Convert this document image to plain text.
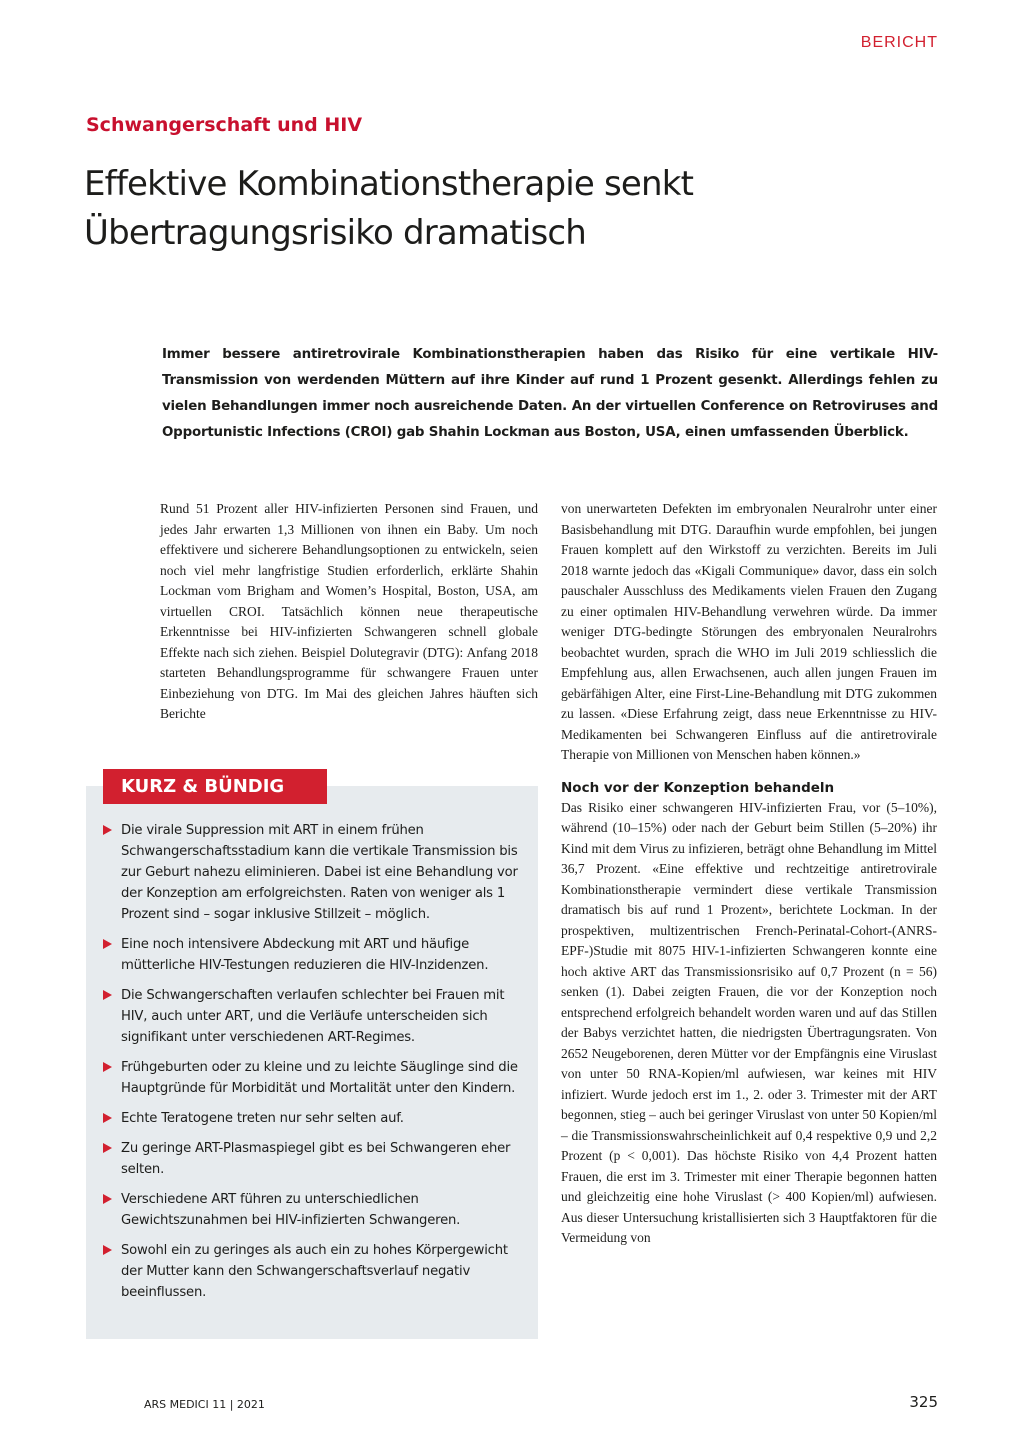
BERICHT
Schwangerschaft und HIV
Effektive Kombinationstherapie senkt
Übertragungsrisiko dramatisch
Immer bessere antiretrovirale Kombinationstherapien haben das Risiko für eine vertikale HIV-Transmission von werdenden Müttern auf ihre Kinder auf rund 1 Prozent gesenkt. Allerdings fehlen zu vielen Behandlungen immer noch ausreichende Daten. An der virtuellen Conference on Retroviruses and Opportunistic Infections (CROI) gab Shahin Lockman aus Boston, USA, einen umfassenden Überblick.

Rund 51 Prozent aller HIV-infizierten Personen sind Frauen, und jedes Jahr erwarten 1,3 Millionen von ihnen ein Baby. Um noch effektivere und sicherere Behandlungsoptionen zu entwickeln, seien noch viel mehr langfristige Studien erforderlich, erklärte Shahin Lockman vom Brigham and Women’s Hospital, Boston, USA, am virtuellen CROI. Tatsächlich können neue therapeutische Erkenntnisse bei HIV-infizierten Schwangeren schnell globale Effekte nach sich ziehen. Beispiel Dolutegravir (DTG): Anfang 2018 starteten Behandlungsprogramme für schwangere Frauen unter Einbeziehung von DTG. Im Mai des gleichen Jahres häuften sich Berichte

von unerwarteten Defekten im embryonalen Neuralrohr unter einer Basisbehandlung mit DTG. Daraufhin wurde empfohlen, bei jungen Frauen komplett auf den Wirkstoff zu verzichten. Bereits im Juli 2018 warnte jedoch das «Kigali Communique» davor, dass ein solch pauschaler Ausschluss des Medikaments vielen Frauen den Zugang zu einer optimalen HIV-Behandlung verwehren würde. Da immer weniger DTG-bedingte Störungen des embryonalen Neuralrohrs beobachtet wurden, sprach die WHO im Juli 2019 schliesslich die Empfehlung aus, allen Erwachsenen, auch allen jungen Frauen im gebärfähigen Alter, eine First-Line-Behandlung mit DTG zukommen zu lassen. «Diese Erfahrung zeigt, dass neue Erkenntnisse zu HIV-Medikamenten bei Schwangeren Einfluss auf die antiretrovirale Therapie von Millionen von Menschen haben können.»

Noch vor der Konzeption behandeln

Das Risiko einer schwangeren HIV-infizierten Frau, vor (5–10%), während (10–15%) oder nach der Geburt beim Stillen (5–20%) ihr Kind mit dem Virus zu infizieren, beträgt ohne Behandlung im Mittel 36,7 Prozent. «Eine effektive und rechtzeitige antiretrovirale Kombinationstherapie vermindert diese vertikale Transmission dramatisch bis auf rund 1 Prozent», berichtete Lockman. In der prospektiven, multizentrischen French-Perinatal-Cohort-(ANRS-EPF-)Studie mit 8075 HIV-1-infizierten Schwangeren konnte eine hoch aktive ART das Transmissionsrisiko auf 0,7 Prozent (n = 56) senken (1). Dabei zeigten Frauen, die vor der Konzeption noch entsprechend erfolgreich behandelt worden waren und auf das Stillen der Babys verzichtet hatten, die niedrigsten Übertragungsraten. Von 2652 Neugeborenen, deren Mütter vor der Empfängnis eine Viruslast von unter 50 RNA-Kopien/ml aufwiesen, war keines mit HIV infiziert. Wurde jedoch erst im 1., 2. oder 3. Trimester mit der ART begonnen, stieg – auch bei geringer Viruslast von unter 50 Kopien/ml – die Transmissionswahrscheinlichkeit auf 0,4 respektive 0,9 und 2,2 Prozent (p < 0,001). Das höchste Risiko von 4,4 Prozent hatten Frauen, die erst im 3. Trimester mit einer Therapie begonnen hatten und gleichzeitig eine hohe Viruslast (> 400 Kopien/ml) aufwiesen. Aus dieser Untersuchung kristallisierten sich 3 Hauptfaktoren für die Vermeidung von

KURZ & BÜNDIG
Die virale Suppression mit ART in einem frühen Schwangerschaftsstadium kann die vertikale Transmission bis zur Geburt nahezu eliminieren. Dabei ist eine Behandlung vor der Konzeption am erfolgreichsten. Raten von weniger als 1 Prozent sind – sogar inklusive Stillzeit – möglich.
Eine noch intensivere Abdeckung mit ART und häufige mütterliche HIV-Testungen reduzieren die HIV-Inzidenzen.
Die Schwangerschaften verlaufen schlechter bei Frauen mit HIV, auch unter ART, und die Verläufe unterscheiden sich signifikant unter verschiedenen ART-Regimes.
Frühgeburten oder zu kleine und zu leichte Säuglinge sind die Hauptgründe für Morbidität und Mortalität unter den Kindern.
Echte Teratogene treten nur sehr selten auf.
Zu geringe ART-Plasmaspiegel gibt es bei Schwangeren eher selten.
Verschiedene ART führen zu unterschiedlichen Gewichtszunahmen bei HIV-infizierten Schwangeren.
Sowohl ein zu geringes als auch ein zu hohes Körpergewicht der Mutter kann den Schwangerschaftsverlauf negativ beeinflussen.
ARS MEDICI 11 | 2021	325
